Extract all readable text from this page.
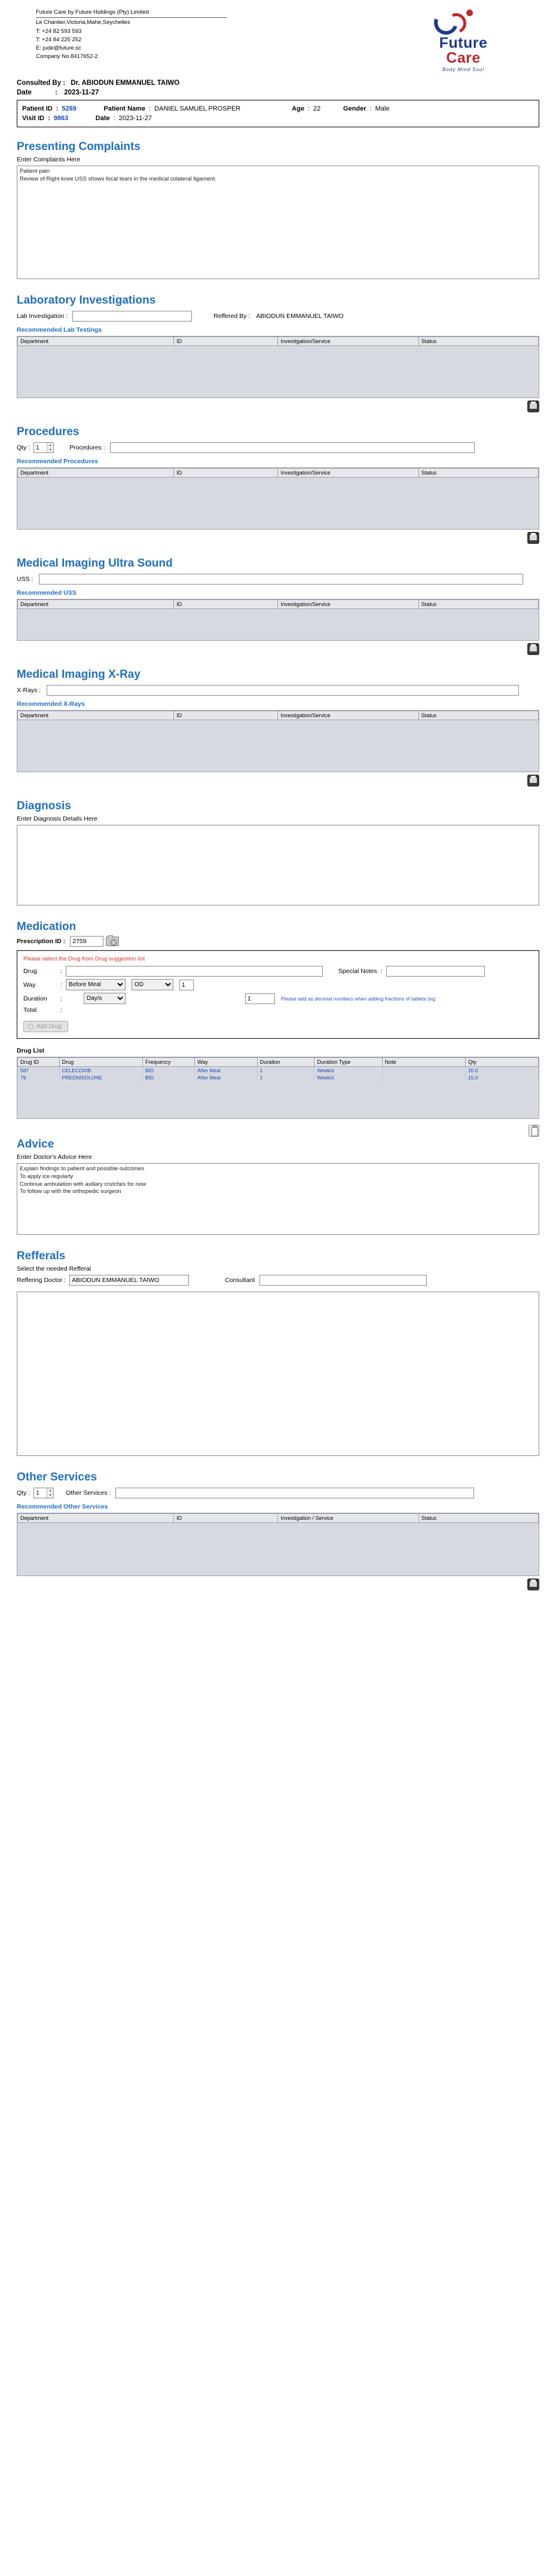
Future Care by Future Holdings (Pty) Limited
Le Chantier,Victoria,Mahe,Seychelles
T: +24 82 593 593
T: +24 84 225 252
E: jude@future.sc
Company No.8417652-2
Future
Care
Body Mind Soul
Consulted By : Dr. ABIODUN EMMANUEL TAIWO
Date	: 2023-11-27
Patient ID : 5269	Patient Name : DANIEL SAMUEL PROSPER	Age : 22	Gender : Male
Visit ID : 9863	Date : 2023-11-27
Presenting Complaints
Enter Complaints Here
Patient pain Review of Right knee USS shows focal tears in the medical colateral ligament.
Laboratory Investigations
Lab Investigation :	Reffered By : ABIODUN EMMANUEL TAIWO
Recommended Lab Testings
Department	ID	Investigation/Service	Status
Procedures
Qty : 1	▲
▼	Procedures :
Recommended Procedures
Department	ID	Investigation/Service	Status
Medical Imaging Ultra Sound
USS :
Recommended USS
Department	ID	Investigation/Service	Status
Medical Imaging X-Ray
X-Rays :
Recommended X-Rays
Department	ID	Investigation/Service	Status
Diagnosis
Enter Diagnosis Details Here
Medication
Prescription ID :
2759
Please select the Drug from Drug suggestion list
Drug	:	Special Notes :
Way	:
Before Meal
OD
1
Duration	:
Day/s
1	Please add as decimal numbers when adding fractions of tablets (eg:
Total	:
+ Add Drug
Drug List
Drug ID	Drug	Frequency	Way	Duration	Duration Type	Note	Qty
587	CELECOXIB	BID	After Meal	1	Week/s		20.0
79	PREDNISOLONE	BID	After Meal	1	Week/s		15.0
Advice
Enter Doctor's Advice Here
Explain findings to patient and possible outcomes To apply ice regularly Continue ambulation with axillary crutches for now To follow up with the orthopedic surgeon
Refferals
Select the needed Refferal
Reffering Doctor :
ABIODUN EMMANUEL TAIWO	Consultant
Other Services
Qty : 1	▲
▼ Other Services :
Recommended Other Services
Department	ID	Investigation / Service	Status
